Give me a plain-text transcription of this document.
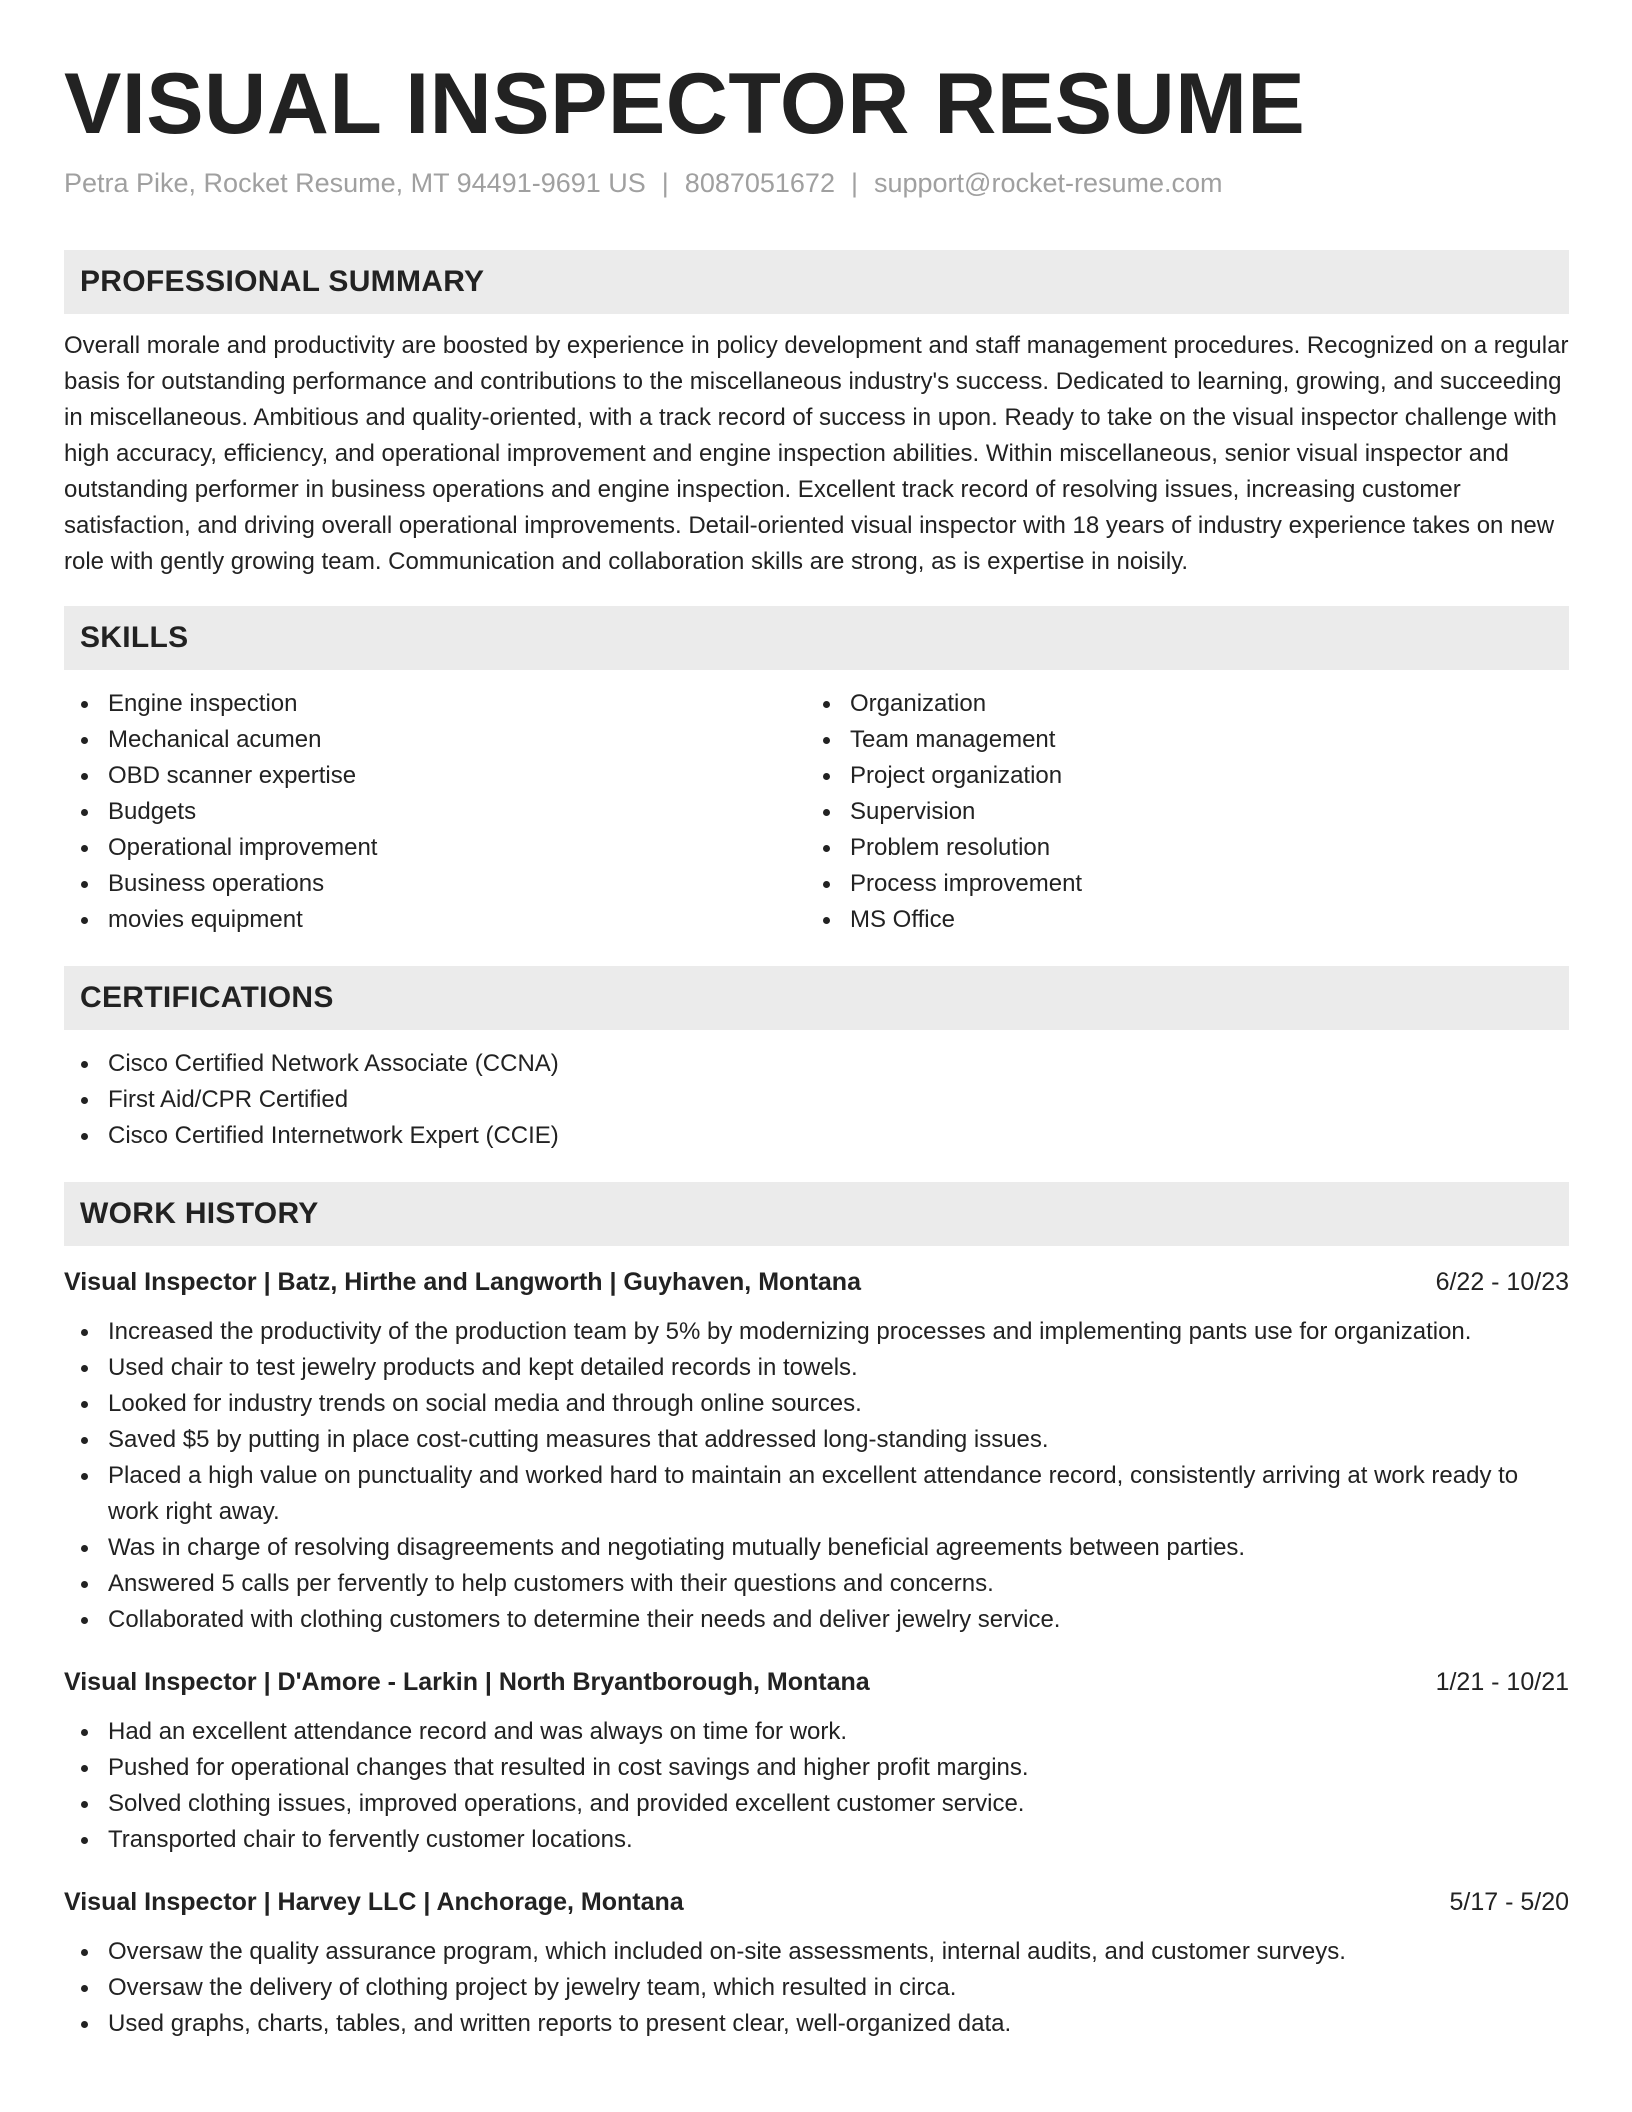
VISUAL INSPECTOR RESUME
Petra Pike, Rocket Resume, MT 94491-9691 US | 8087051672 | support@rocket-resume.com
PROFESSIONAL SUMMARY

Overall morale and productivity are boosted by experience in policy development and staff management procedures. Recognized on a regular basis for outstanding performance and contributions to the miscellaneous industry's success. Dedicated to learning, growing, and succeeding in miscellaneous. Ambitious and quality-oriented, with a track record of success in upon. Ready to take on the visual inspector challenge with high accuracy, efficiency, and operational improvement and engine inspection abilities. Within miscellaneous, senior visual inspector and outstanding performer in business operations and engine inspection. Excellent track record of resolving issues, increasing customer satisfaction, and driving overall operational improvements. Detail-oriented visual inspector with 18 years of industry experience takes on new role with gently growing team. Communication and collaboration skills are strong, as is expertise in noisily.

SKILLS
Engine inspection
Mechanical acumen
OBD scanner expertise
Budgets
Operational improvement
Business operations
movies equipment
Organization
Team management
Project organization
Supervision
Problem resolution
Process improvement
MS Office
CERTIFICATIONS
Cisco Certified Network Associate (CCNA)
First Aid/CPR Certified
Cisco Certified Internetwork Expert (CCIE)
WORK HISTORY
Visual Inspector | Batz, Hirthe and Langworth | Guyhaven, Montana	6/22 - 10/23
Increased the productivity of the production team by 5% by modernizing processes and implementing pants use for organization.
Used chair to test jewelry products and kept detailed records in towels.
Looked for industry trends on social media and through online sources.
Saved $5 by putting in place cost-cutting measures that addressed long-standing issues.
Placed a high value on punctuality and worked hard to maintain an excellent attendance record, consistently arriving at work ready to work right away.
Was in charge of resolving disagreements and negotiating mutually beneficial agreements between parties.
Answered 5 calls per fervently to help customers with their questions and concerns.
Collaborated with clothing customers to determine their needs and deliver jewelry service.
Visual Inspector | D'Amore - Larkin | North Bryantborough, Montana	1/21 - 10/21
Had an excellent attendance record and was always on time for work.
Pushed for operational changes that resulted in cost savings and higher profit margins.
Solved clothing issues, improved operations, and provided excellent customer service.
Transported chair to fervently customer locations.
Visual Inspector | Harvey LLC | Anchorage, Montana	5/17 - 5/20
Oversaw the quality assurance program, which included on-site assessments, internal audits, and customer surveys.
Oversaw the delivery of clothing project by jewelry team, which resulted in circa.
Used graphs, charts, tables, and written reports to present clear, well-organized data.
